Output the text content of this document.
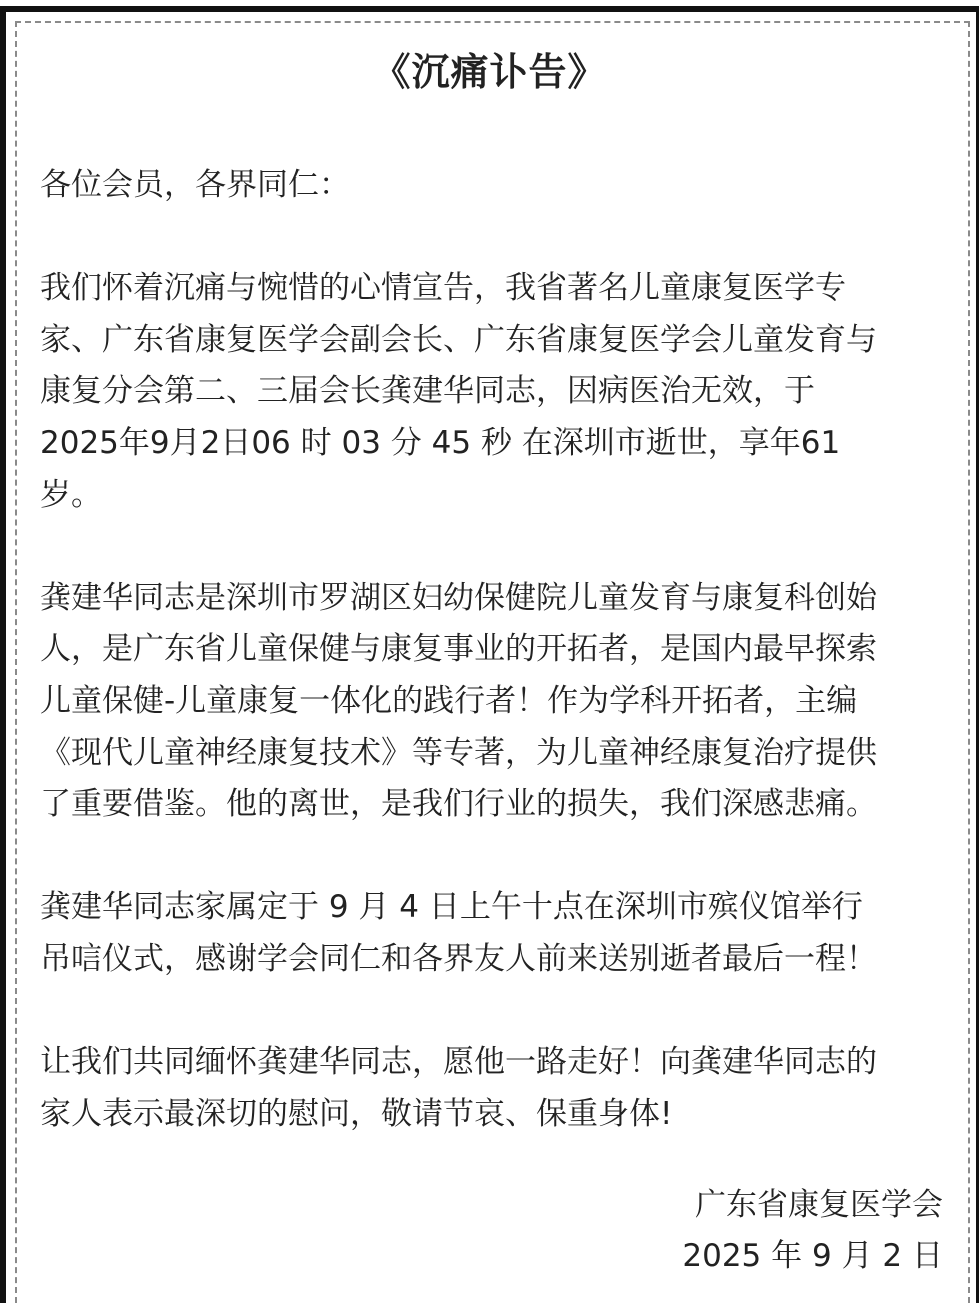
《沉痛讣告》

各位会员，各界同仁：

我们怀着沉痛与惋惜的心情宣告，我省著名儿童康复医学专
家、广东省康复医学会副会长、广东省康复医学会儿童发育与
康复分会第二、三届会长龚建华同志，因病医治无效，于
2025年9月2日06 时 03 分 45 秒 在深圳市逝世，享年61
岁。

龚建华同志是深圳市罗湖区妇幼保健院儿童发育与康复科创始
人，是广东省儿童保健与康复事业的开拓者，是国内最早探索
儿童保健-儿童康复一体化的践行者！作为学科开拓者，主编
《现代儿童神经康复技术》等专著，为儿童神经康复治疗提供
了重要借鉴。他的离世，是我们行业的损失，我们深感悲痛。

龚建华同志家属定于 9 月 4 日上午十点在深圳市殡仪馆举行
吊唁仪式，感谢学会同仁和各界友人前来送别逝者最后一程！

让我们共同缅怀龚建华同志，愿他一路走好！向龚建华同志的
家人表示最深切的慰问，敬请节哀、保重身体!

广东省康复医学会
2025 年 9 月 2 日
